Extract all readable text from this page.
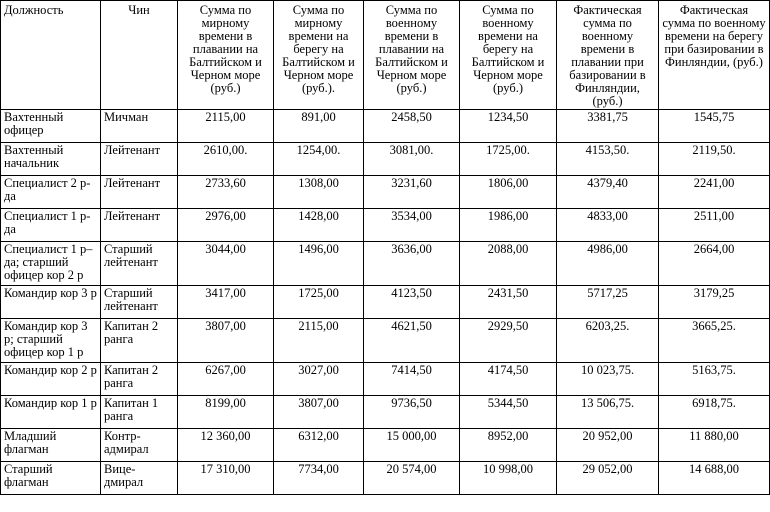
Должность	Чин	Сумма по мирному времени в плавании на Балтийском и Черном море (руб.)	Сумма по мирному времени на берегу на Балтийском и Черном море (руб.).	Сумма по военному времени в плавании на Балтийском и Черном море (руб.)	Сумма по военному времени на берегу на Балтийском и Черном море (руб.)	Фактическая сумма по военному времени в плавании при базировании в Финляндии, (руб.)	Фактическая сумма по военному времени на берегу при базировании в Финляндии, (руб.)
Вахтенный офицер	Мичман	2115,00	891,00	2458,50	1234,50	3381,75	1545,75
Вахтенный начальник	Лейтенант	2610,00.	1254,00.	3081,00.	1725,00.	4153,50.	2119,50.
Специалист 2 р-да	Лейтенант	2733,60	1308,00	3231,60	1806,00	4379,40	2241,00
Специалист 1 р-да	Лейтенант	2976,00	1428,00	3534,00	1986,00	4833,00	2511,00
Специалист 1 р–да; старший офицер кор 2 р	Старший лейтенант	3044,00	1496,00	3636,00	2088,00	4986,00	2664,00
Командир кор 3 р	Старший лейтенант	3417,00	1725,00	4123,50	2431,50	5717,25	3179,25
Командир кор 3 р; старший офицер кор 1 р	Капитан 2 ранга	3807,00	2115,00	4621,50	2929,50	6203,25.	3665,25.
Командир кор 2 р	Капитан 2 ранга	6267,00	3027,00	7414,50	4174,50	10 023,75.	5163,75.
Командир кор 1 р	Капитан 1 ранга	8199,00	3807,00	9736,50	5344,50	13 506,75.	6918,75.
Младший флагман	Контр-адмирал	12 360,00	6312,00	15 000,00	8952,00	20 952,00	11 880,00
Старший флагман	Вице-дмирал	17 310,00	7734,00	20 574,00	10 998,00	29 052,00	14 688,00
